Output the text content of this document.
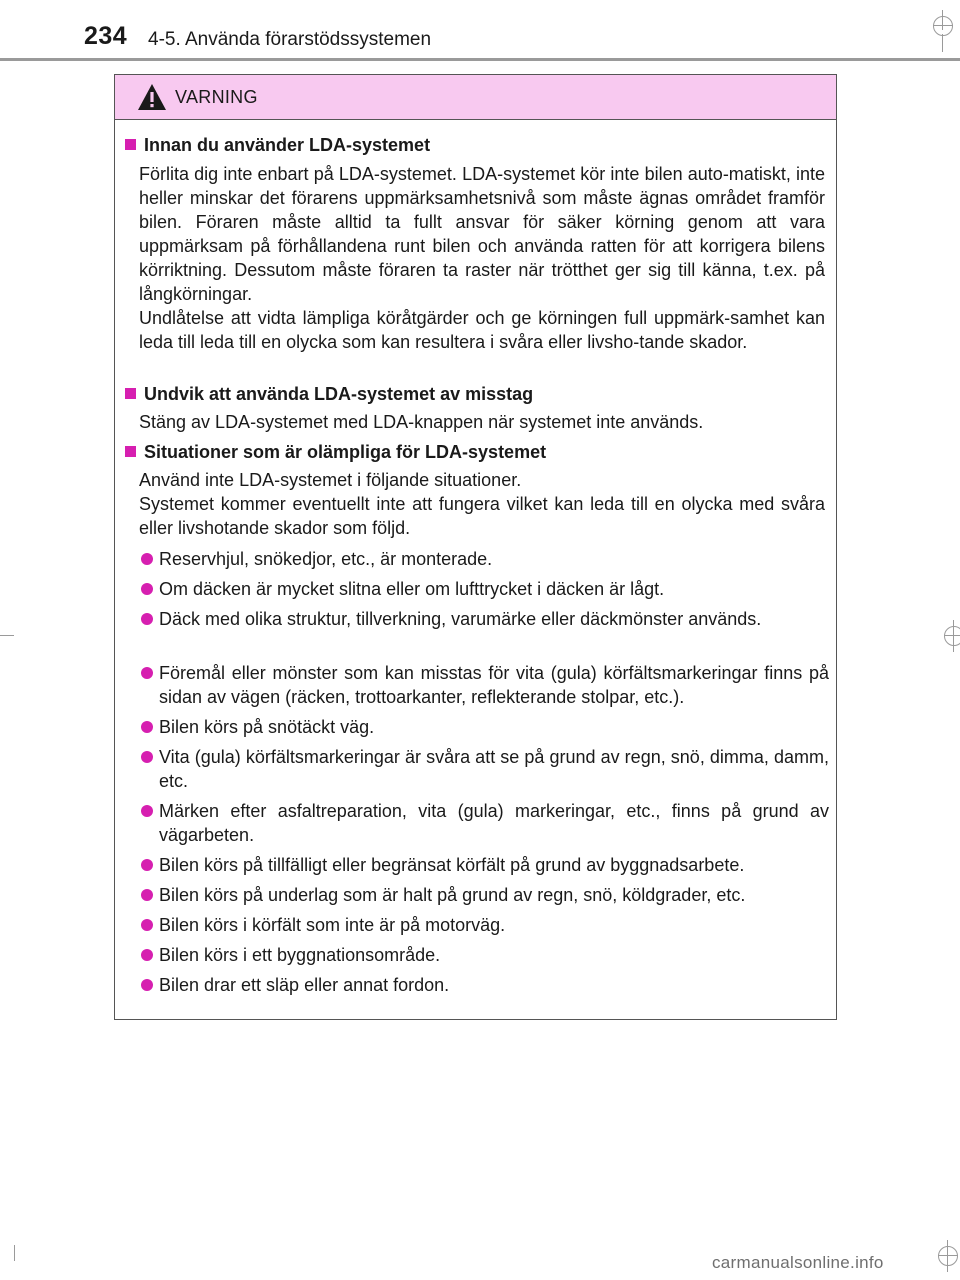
234 4-5. Använda förarstödssystemen
VARNING
Innan du använder LDA-systemet
Förlita dig inte enbart på LDA-systemet. LDA-systemet kör inte bilen auto-matiskt, inte heller minskar det förarens uppmärksamhetsnivå som måste ägnas området framför bilen. Föraren måste alltid ta fullt ansvar för säker körning genom att vara uppmärksam på förhållandena runt bilen och använda ratten för att korrigera bilens körriktning. Dessutom måste föraren ta raster när trötthet ger sig till känna, t.ex. på långkörningar.
Undlåtelse att vidta lämpliga köråtgärder och ge körningen full uppmärk-samhet kan leda till leda till en olycka som kan resultera i svåra eller livsho-tande skador.
Undvik att använda LDA-systemet av misstag
Stäng av LDA-systemet med LDA-knappen när systemet inte används.
Situationer som är olämpliga för LDA-systemet
Använd inte LDA-systemet i följande situationer.
Systemet kommer eventuellt inte att fungera vilket kan leda till en olycka med svåra eller livshotande skador som följd.
Reservhjul, snökedjor, etc., är monterade.
Om däcken är mycket slitna eller om lufttrycket i däcken är lågt.
Däck med olika struktur, tillverkning, varumärke eller däckmönster används.
Föremål eller mönster som kan misstas för vita (gula) körfältsmarkeringar finns på sidan av vägen (räcken, trottoarkanter, reflekterande stolpar, etc.).
Bilen körs på snötäckt väg.
Vita (gula) körfältsmarkeringar är svåra att se på grund av regn, snö, dimma, damm, etc.
Märken efter asfaltreparation, vita (gula) markeringar, etc., finns på grund av vägarbeten.
Bilen körs på tillfälligt eller begränsat körfält på grund av byggnadsarbete.
Bilen körs på underlag som är halt på grund av regn, snö, köldgrader, etc.
Bilen körs i körfält som inte är på motorväg.
Bilen körs i ett byggnationsområde.
Bilen drar ett släp eller annat fordon.
carmanualsonline.info
